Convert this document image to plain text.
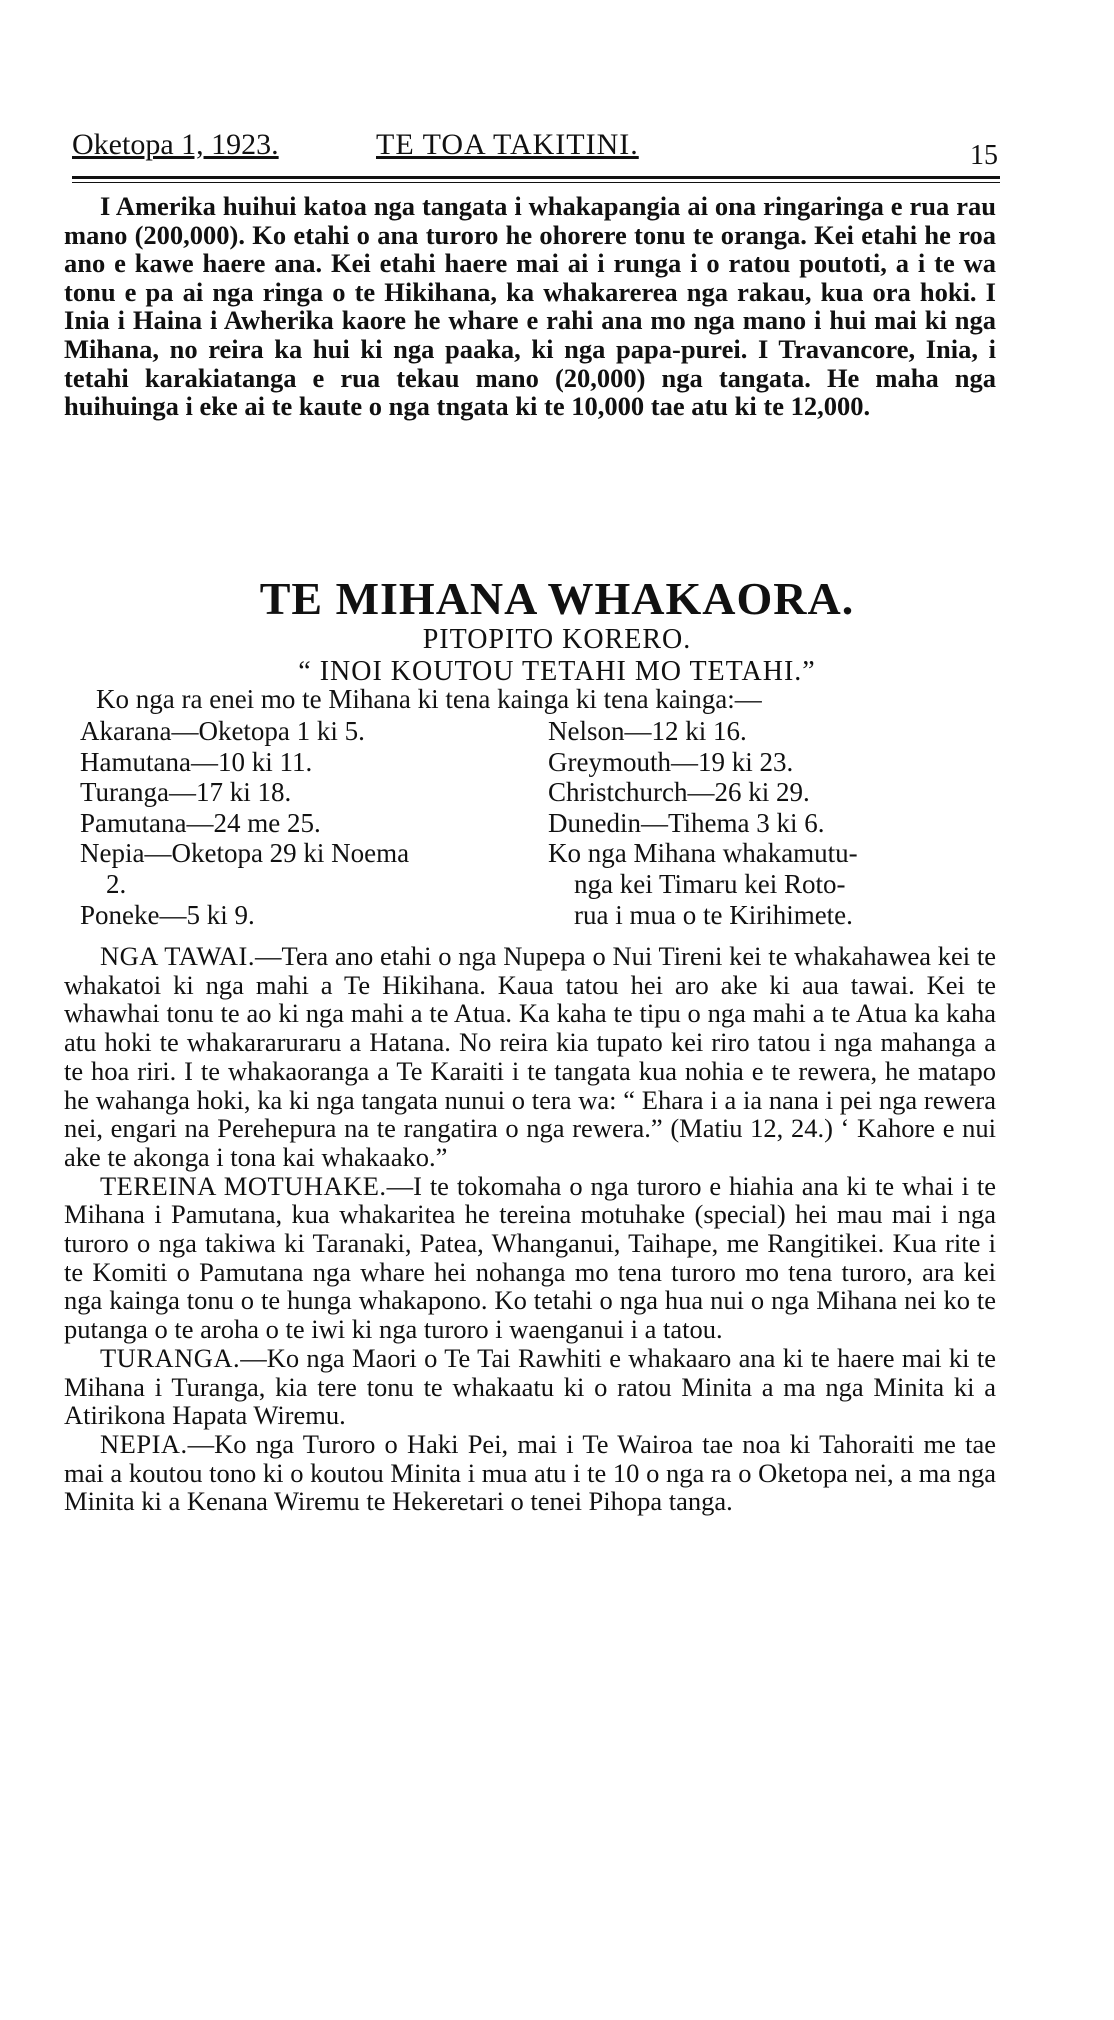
Oketopa 1, 1923.	TE TOA TAKITINI.	15

I Amerika huihui katoa nga tangata i whakapangia ai ona ringaringa e rua rau mano (200,000). Ko etahi o ana turoro he ohorere tonu te oranga. Kei etahi he roa ano e kawe haere ana. Kei etahi haere mai ai i runga i o ratou poutoti, a i te wa tonu e pa ai nga ringa o te Hikihana, ka whakarerea nga rakau, kua ora hoki. I Inia i Haina i Awherika kaore he whare e rahi ana mo nga mano i hui mai ki nga Mihana, no reira ka hui ki nga paaka, ki nga papa-purei. I Travancore, Inia, i tetahi karakiatanga e rua tekau mano (20,000) nga tangata. He maha nga huihuinga i eke ai te kaute o nga tngata ki te 10,000 tae atu ki te 12,000.

TE MIHANA WHAKAORA.
PITOPITO KORERO.
“ INOI KOUTOU TETAHI MO TETAHI.”
Ko nga ra enei mo te Mihana ki tena kainga ki tena kainga:—
Akarana—Oketopa 1 ki 5.
Hamutana—10 ki 11.
Turanga—17 ki 18.
Pamutana—24 me 25.
Nepia—Oketopa 29 ki Noema
2.
Poneke—5 ki 9.
Nelson—12 ki 16.
Greymouth—19 ki 23.
Christchurch—26 ki 29.
Dunedin—Tihema 3 ki 6.
Ko nga Mihana whakamutu-
nga kei Timaru kei Roto-
rua i mua o te Kirihimete.

NGA TAWAI.—Tera ano etahi o nga Nupepa o Nui Tireni kei te whakahawea kei te whakatoi ki nga mahi a Te Hikihana. Kaua tatou hei aro ake ki aua tawai. Kei te whawhai tonu te ao ki nga mahi a te Atua. Ka kaha te tipu o nga mahi a te Atua ka kaha atu hoki te whakararuraru a Hatana. No reira kia tupato kei riro tatou i nga mahanga a te hoa riri. I te whakaoranga a Te Karaiti i te tangata kua nohia e te rewera, he matapo he wahanga hoki, ka ki nga tangata nunui o tera wa: “ Ehara i a ia nana i pei nga rewera nei, engari na Perehepura na te rangatira o nga rewera.” (Matiu 12, 24.) ‘ Kahore e nui ake te akonga i tona kai whakaako.”

TEREINA MOTUHAKE.—I te tokomaha o nga turoro e hiahia ana ki te whai i te Mihana i Pamutana, kua whakaritea he tereina motuhake (special) hei mau mai i nga turoro o nga takiwa ki Taranaki, Patea, Whanganui, Taihape, me Rangitikei. Kua rite i te Komiti o Pamutana nga whare hei nohanga mo tena turoro mo tena turoro, ara kei nga kainga tonu o te hunga whakapono. Ko tetahi o nga hua nui o nga Mihana nei ko te putanga o te aroha o te iwi ki nga turoro i waenganui i a tatou.

TURANGA.—Ko nga Maori o Te Tai Rawhiti e whakaaro ana ki te haere mai ki te Mihana i Turanga, kia tere tonu te whakaatu ki o ratou Minita a ma nga Minita ki a Atirikona Hapata Wiremu.

NEPIA.—Ko nga Turoro o Haki Pei, mai i Te Wairoa tae noa ki Tahoraiti me tae mai a koutou tono ki o koutou Minita i mua atu i te 10 o nga ra o Oketopa nei, a ma nga Minita ki a Kenana Wiremu te Hekeretari o tenei Pihopa tanga.
